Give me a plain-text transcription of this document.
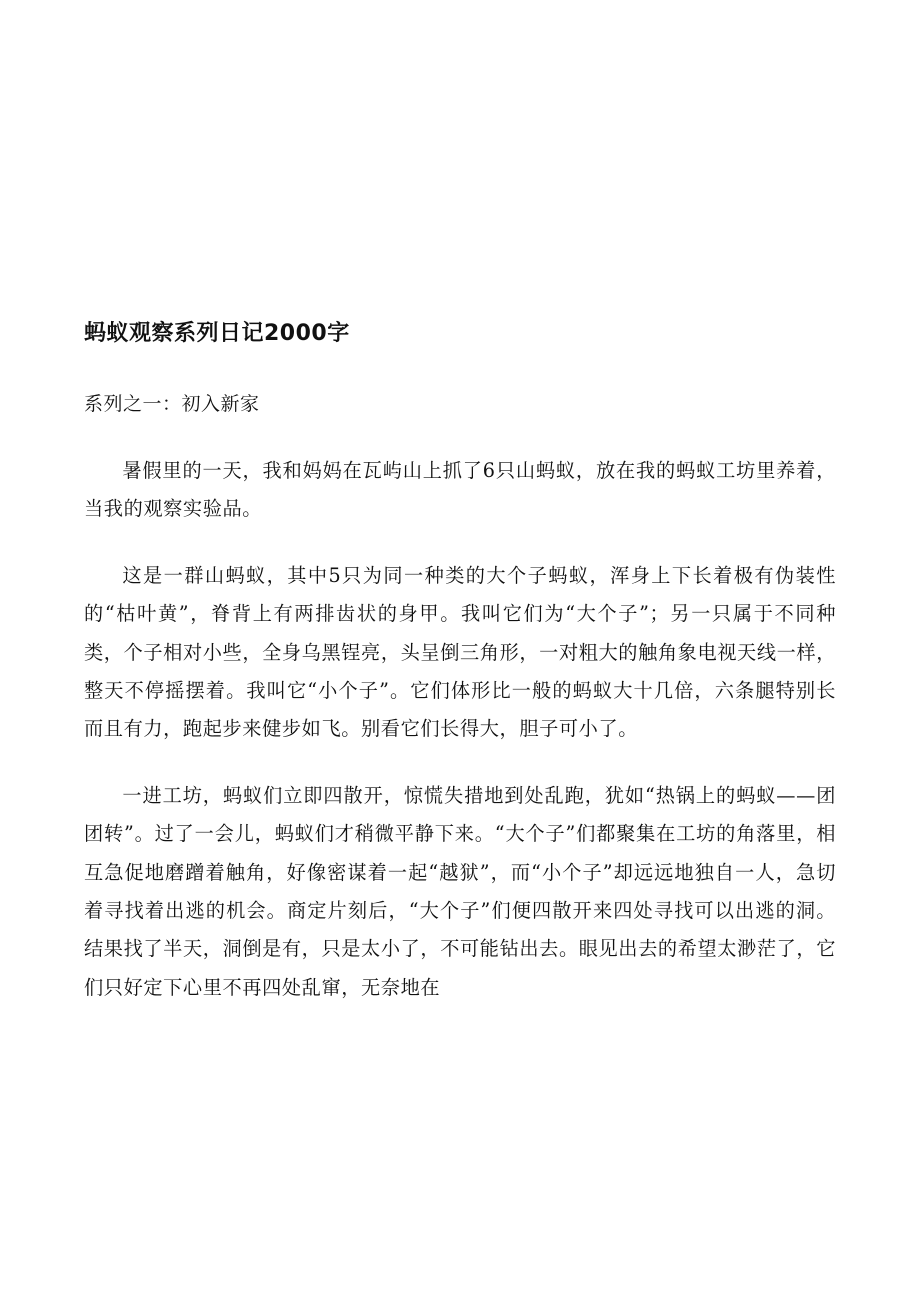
蚂蚁观察系列日记2000字
系列之一：初入新家

暑假里的一天，我和妈妈在瓦屿山上抓了6只山蚂蚁，放在我的蚂蚁工坊里养着，当我的观察实验品。

这是一群山蚂蚁，其中5只为同一种类的大个子蚂蚁，浑身上下长着极有伪装性的“枯叶黄”，脊背上有两排齿状的身甲。我叫它们为“大个子”；另一只属于不同种类，个子相对小些，全身乌黑锃亮，头呈倒三角形，一对粗大的触角象电视天线一样，整天不停摇摆着。我叫它“小个子”。它们体形比一般的蚂蚁大十几倍，六条腿特别长而且有力，跑起步来健步如飞。别看它们长得大，胆子可小了。

一进工坊，蚂蚁们立即四散开，惊慌失措地到处乱跑，犹如“热锅上的蚂蚁——团团转”。过了一会儿，蚂蚁们才稍微平静下来。“大个子”们都聚集在工坊的角落里，相互急促地磨蹭着触角，好像密谋着一起“越狱”，而“小个子”却远远地独自一人，急切着寻找着出逃的机会。商定片刻后，“大个子”们便四散开来四处寻找可以出逃的洞。结果找了半天，洞倒是有，只是太小了，不可能钻出去。眼见出去的希望太渺茫了，它们只好定下心里不再四处乱窜，无奈地在
